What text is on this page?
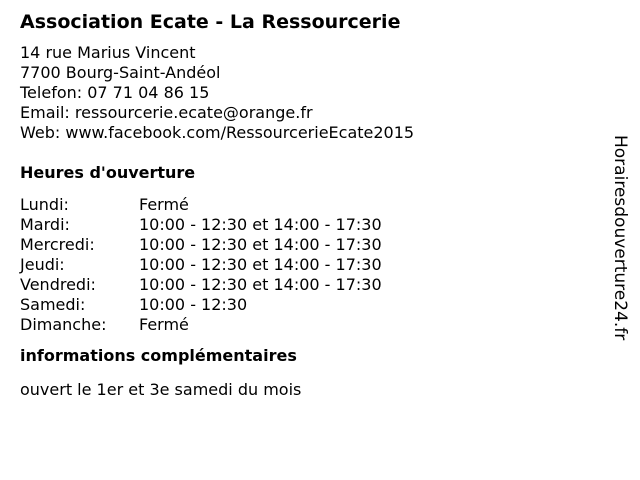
Association Ecate - La Ressourcerie
14 rue Marius Vincent
7700 Bourg-Saint-Andéol
Telefon: 07 71 04 86 15
Email: ressourcerie.ecate@orange.fr
Web: www.facebook.com/RessourcerieEcate2015
Heures d'ouverture
Lundi:	Fermé
Mardi:	10:00 - 12:30 et 14:00 - 17:30
Mercredi:	10:00 - 12:30 et 14:00 - 17:30
Jeudi:	10:00 - 12:30 et 14:00 - 17:30
Vendredi:	10:00 - 12:30 et 14:00 - 17:30
Samedi:	10:00 - 12:30
Dimanche:	Fermé
informations complémentaires
ouvert le 1er et 3e samedi du mois
Horairesdouverture24.fr
